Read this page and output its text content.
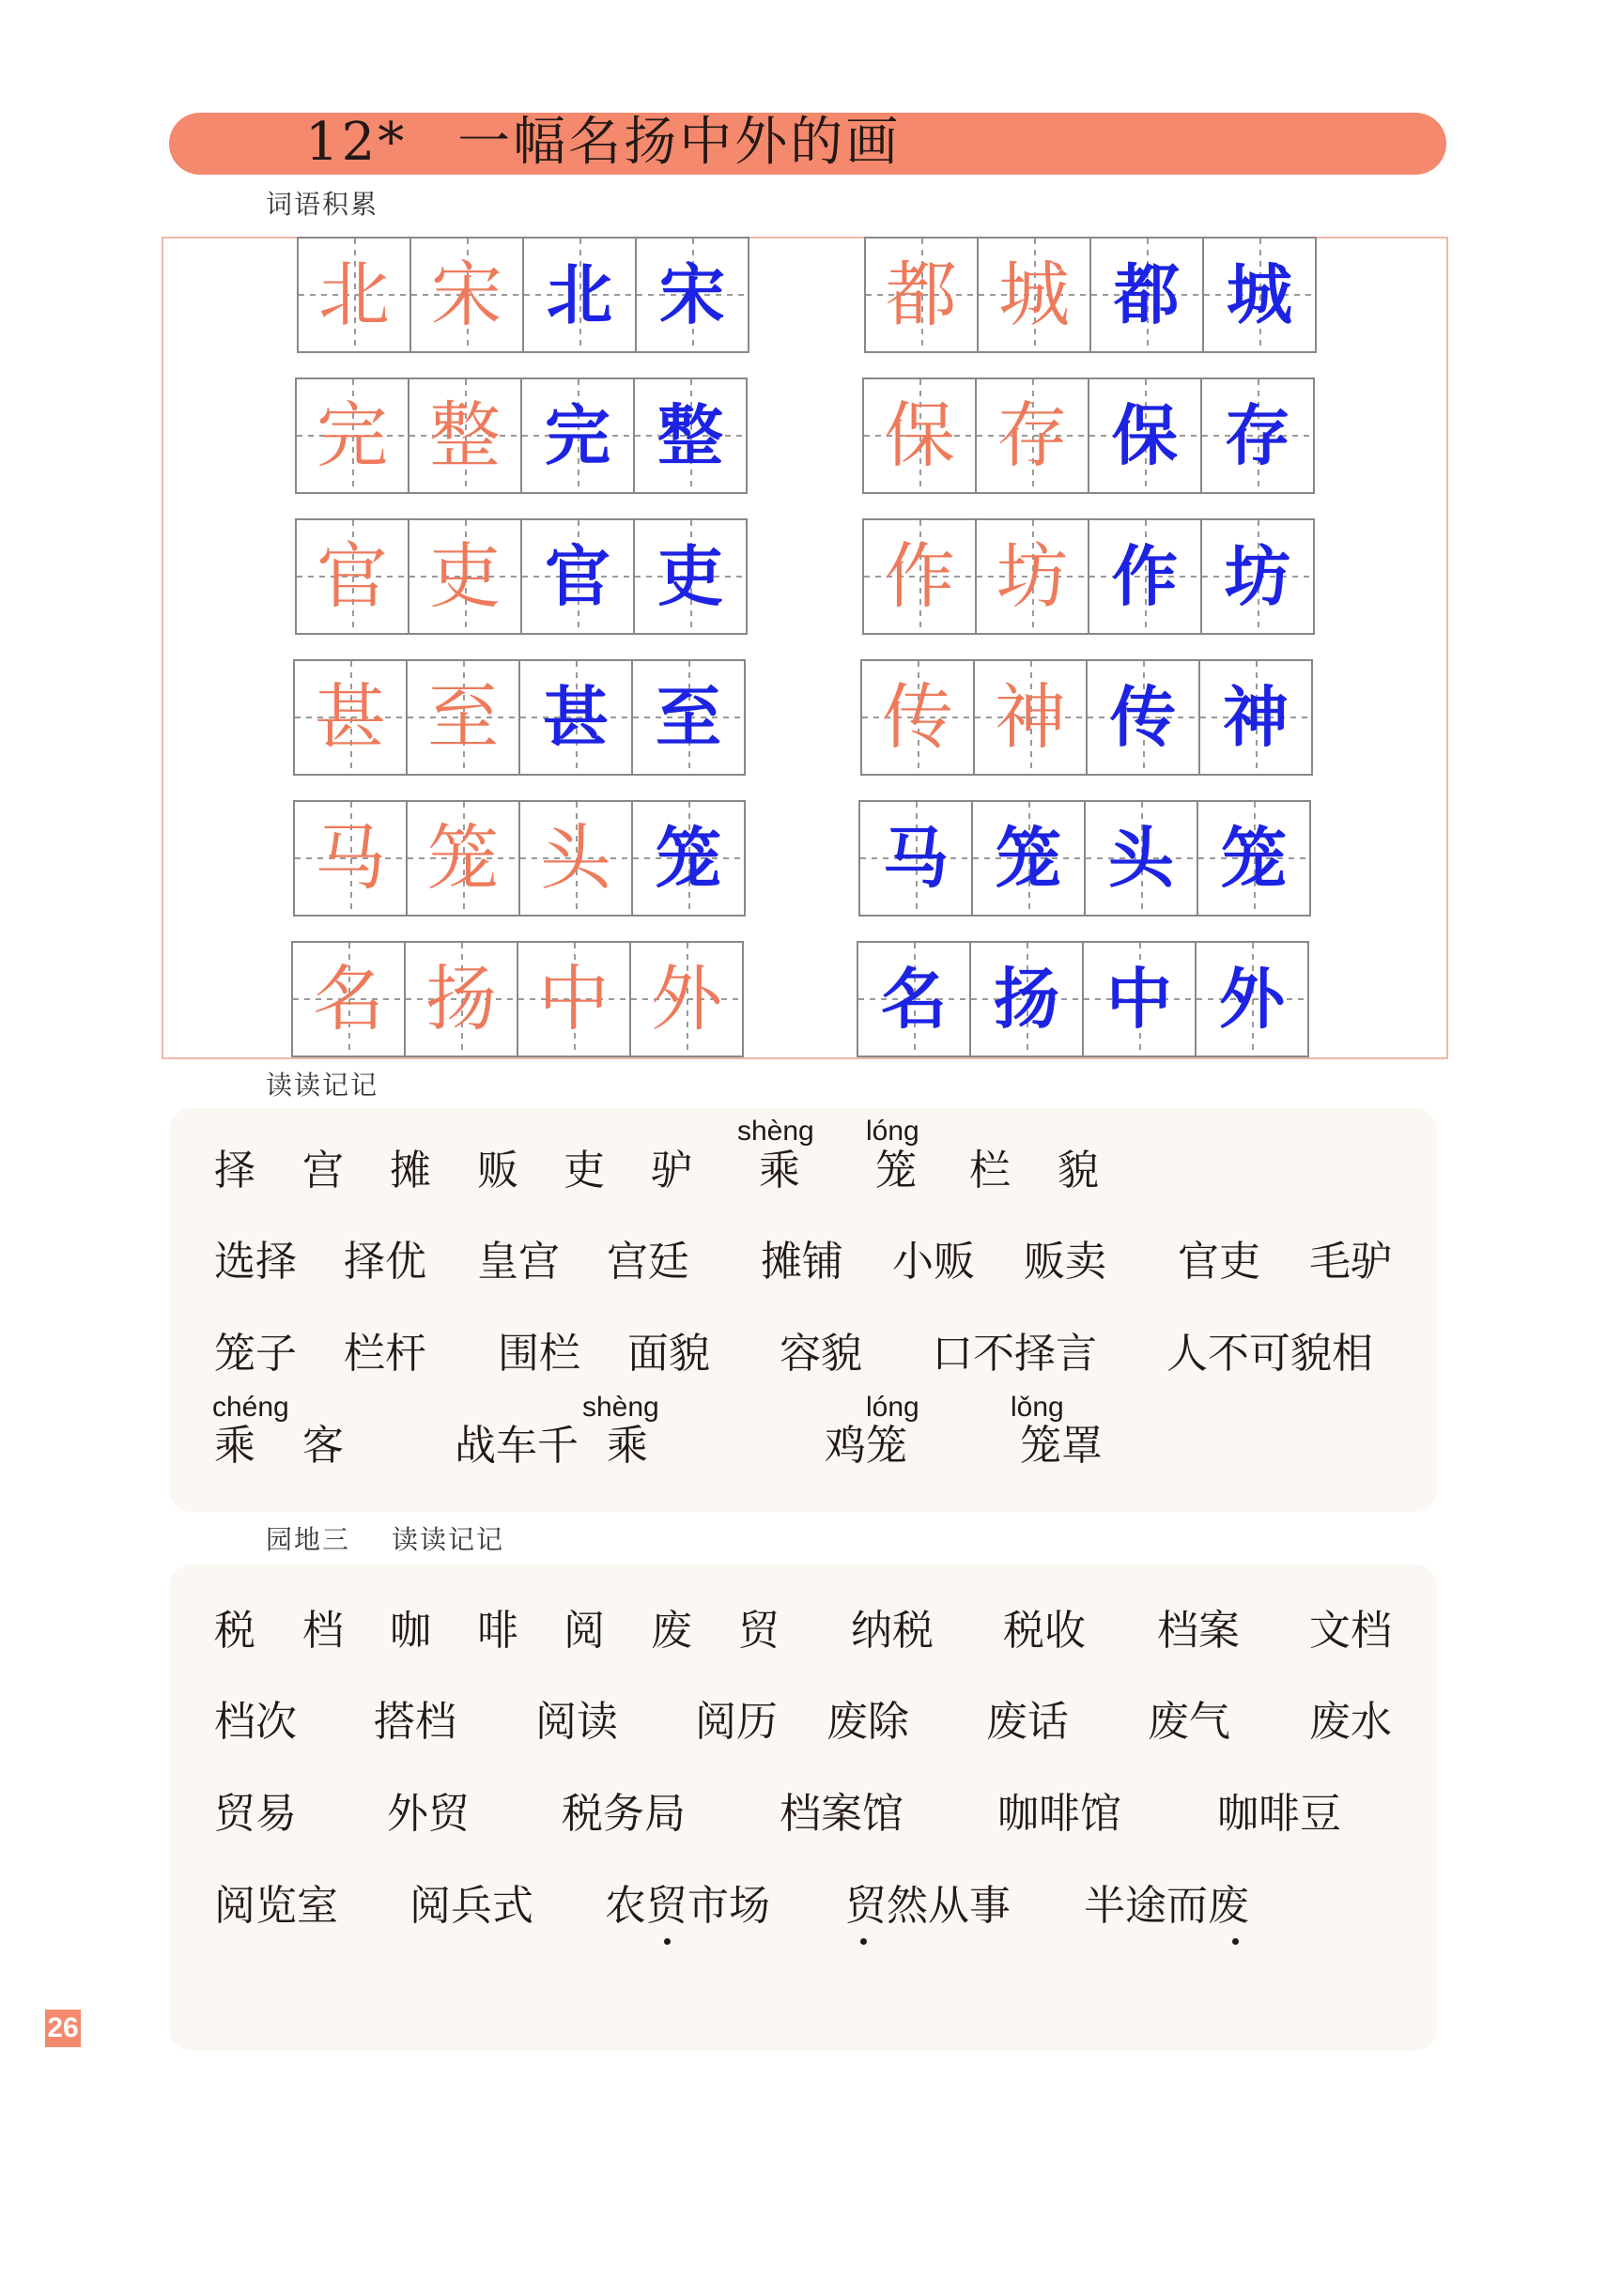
12* 一幅名扬中外的画
词语积累
北 宋 北 宋
完 整 完 整
官 吏 官 吏
甚 至 甚 至
马 笼 头 笼
名 扬 中 外
都 城 都 城
保 存 保 存
作 坊 作 坊
传 神 传 神
马 笼 头 笼
名 扬 中 外
读读记记
择 宫 摊 贩 吏 驴
shèng
乘
lóng
笼 栏 貌
选择 择优 皇宫 宫廷 摊铺 小贩 贩卖 官吏 毛驴
笼子 栏杆 围栏 面貌 容貌 口不择言 人不可貌相
chéng
乘 客	战车千
shèng
乘
lóng
鸡笼
lǒng
笼罩
园地三 读读记记
税 档 咖 啡 阅 废 贸 纳税 税收 档案 文档
档次 搭档 阅读 阅历 废除 废话 废气 废水
贸易 外贸 税务局 档案馆 咖啡馆 咖啡豆
阅览室 阅兵式 农贸市场 贸然从事 半途而废
26
